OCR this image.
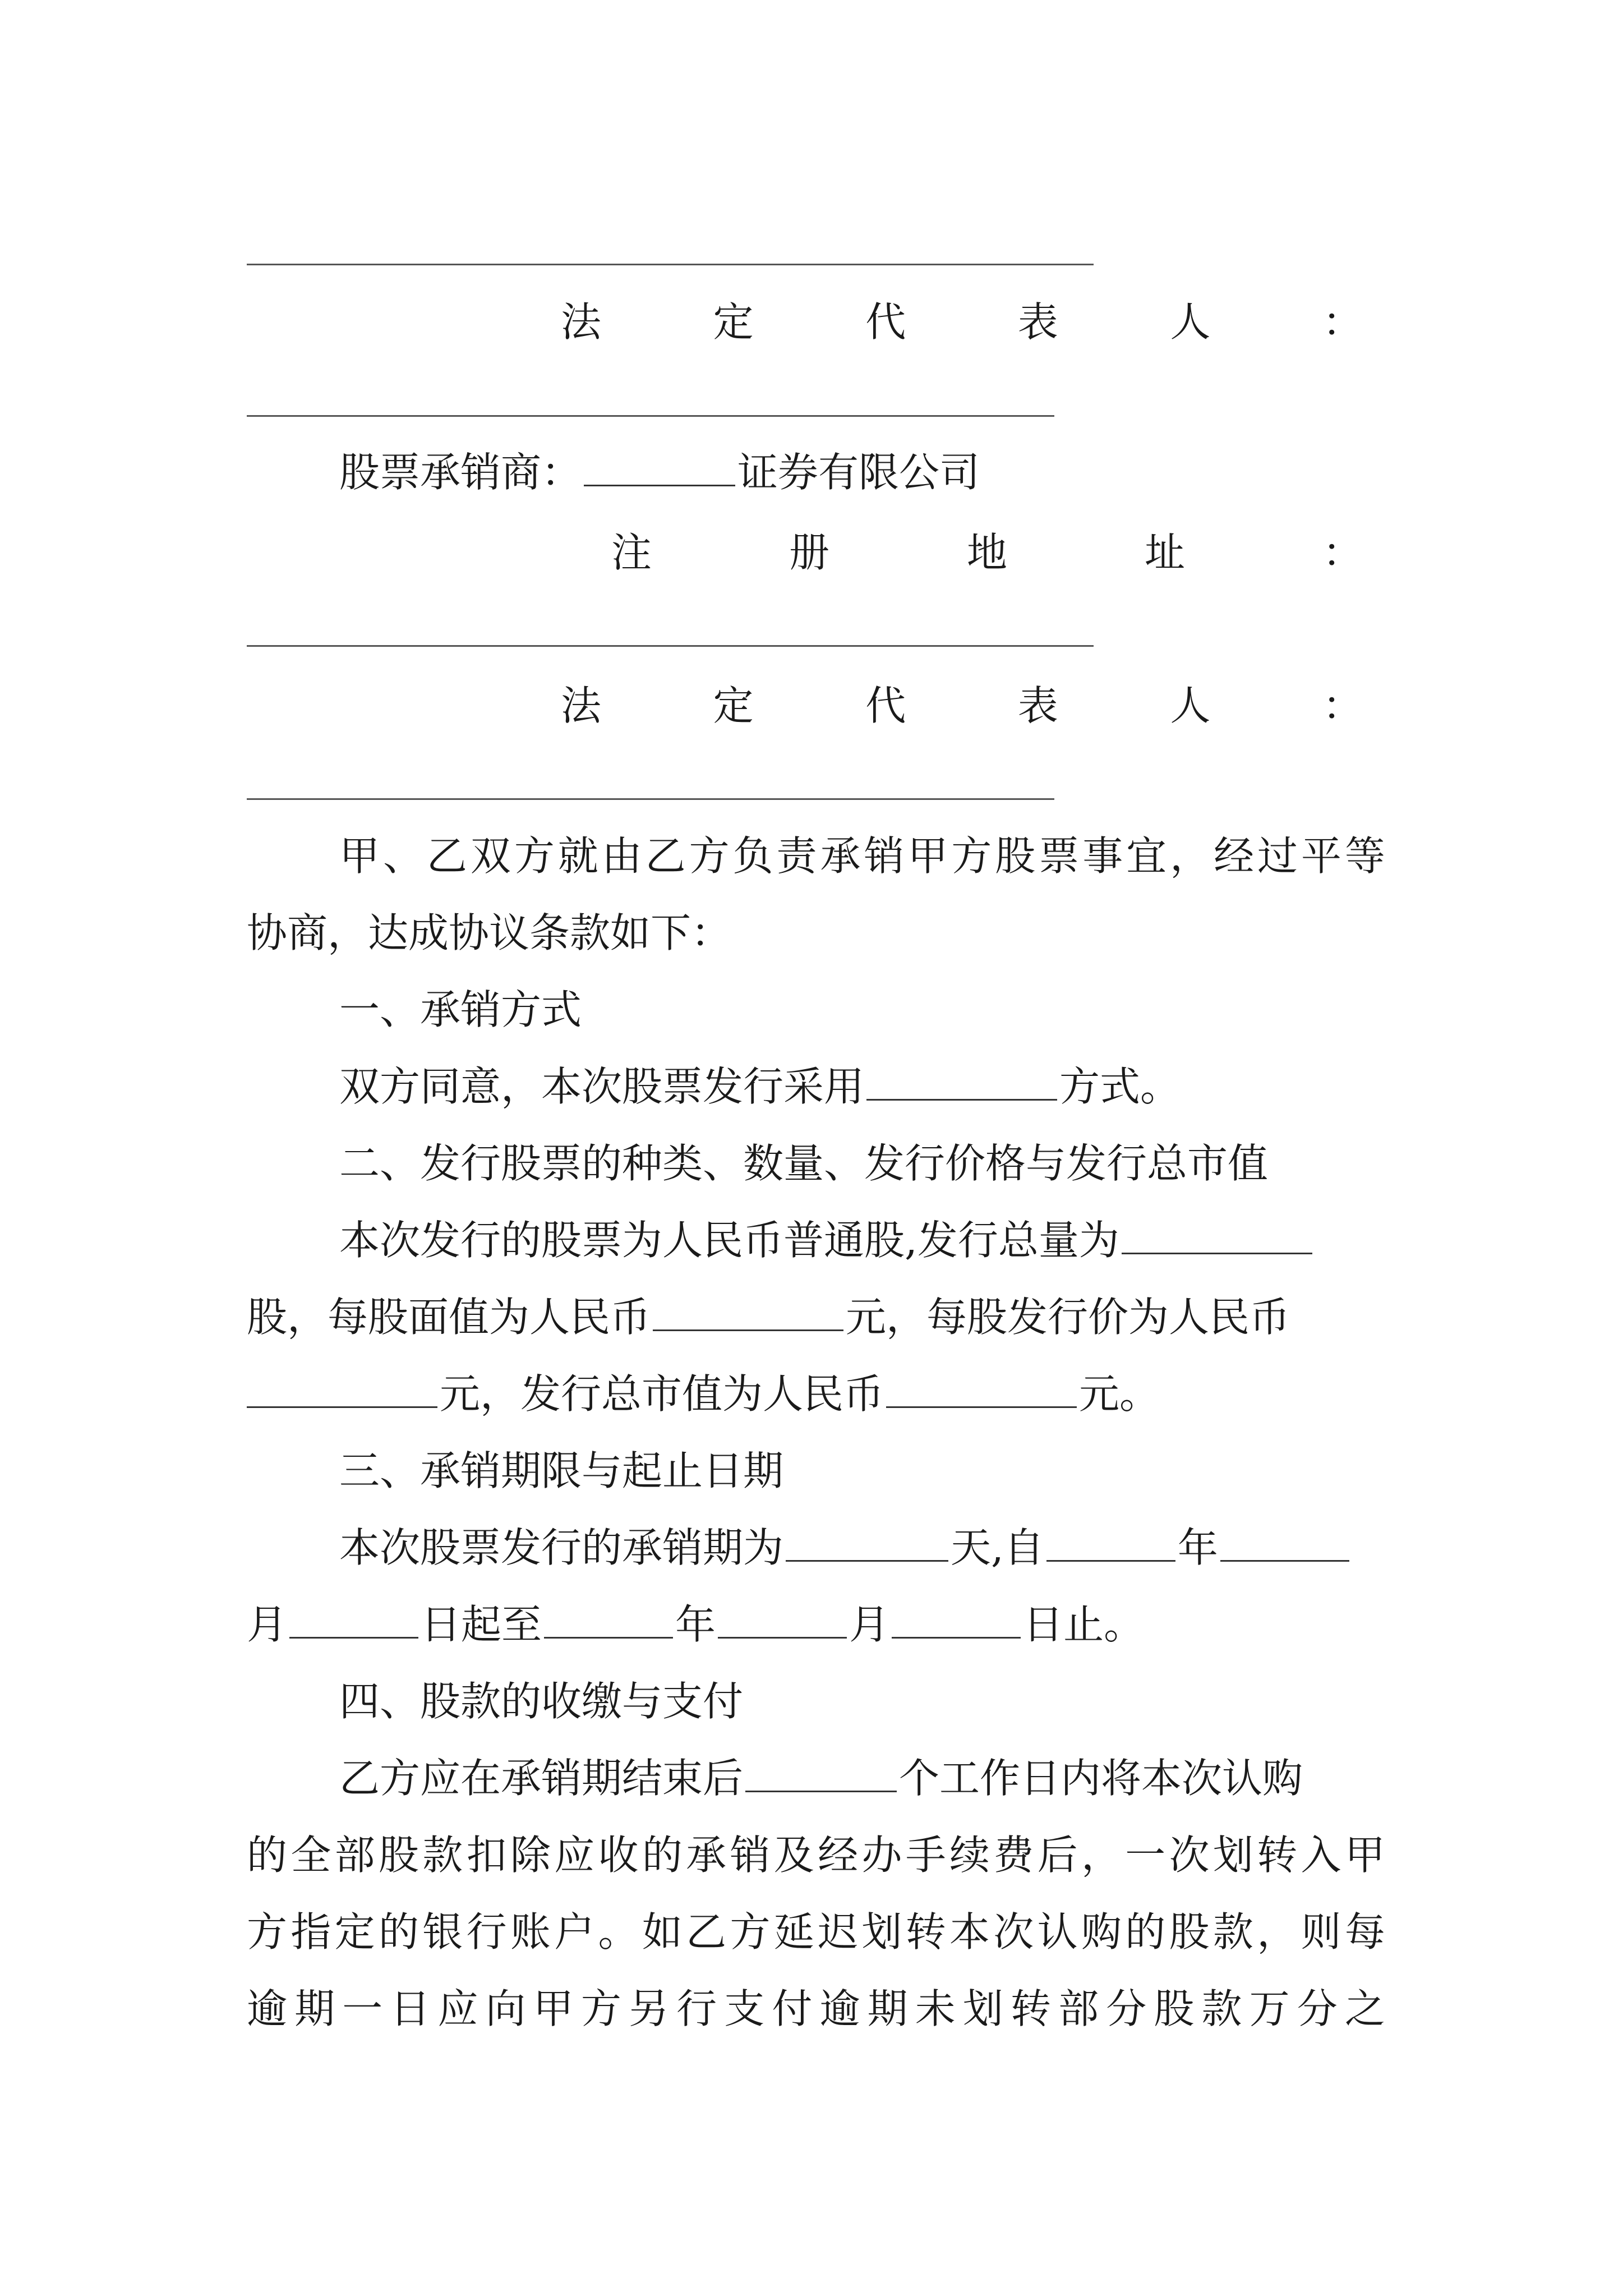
法	定	代	表	人	：
股票承销商：	证券有限公司
注	册	地	址	：
法	定	代	表	人	：
甲 、 乙 双 方 就 由 乙 方 负 责 承 销 甲 方 股 票 事 宜 ， 经 过 平 等
协商，达成协议条款如下：
一、承销方式
双方同意，本次股票发行采用	方式。
二、发行股票的种类、数量、发行价格与发行总市值
本次发行的股票为人民币普通股,发行总量为
股，每股面值为人民币	元，每股发行价为人民币
元，发行总市值为人民币	元。
三、承销期限与起止日期
本次股票发行的承销期为	天,自	年
月	日起至	年	月	日止。
四、股款的收缴与支付
乙方应在承销期结束后	个工作日内将本次认购
的 全 部 股 款 扣 除 应 收 的 承 销 及 经 办 手 续 费 后 ， 一 次 划 转 入 甲
方 指 定 的 银 行 账 户 。 如 乙 方 延 迟 划 转 本 次 认 购 的 股 款 ， 则 每
逾 期 一 日 应 向 甲 方 另 行 支 付 逾 期 未 划 转 部 分 股 款 万 分 之
